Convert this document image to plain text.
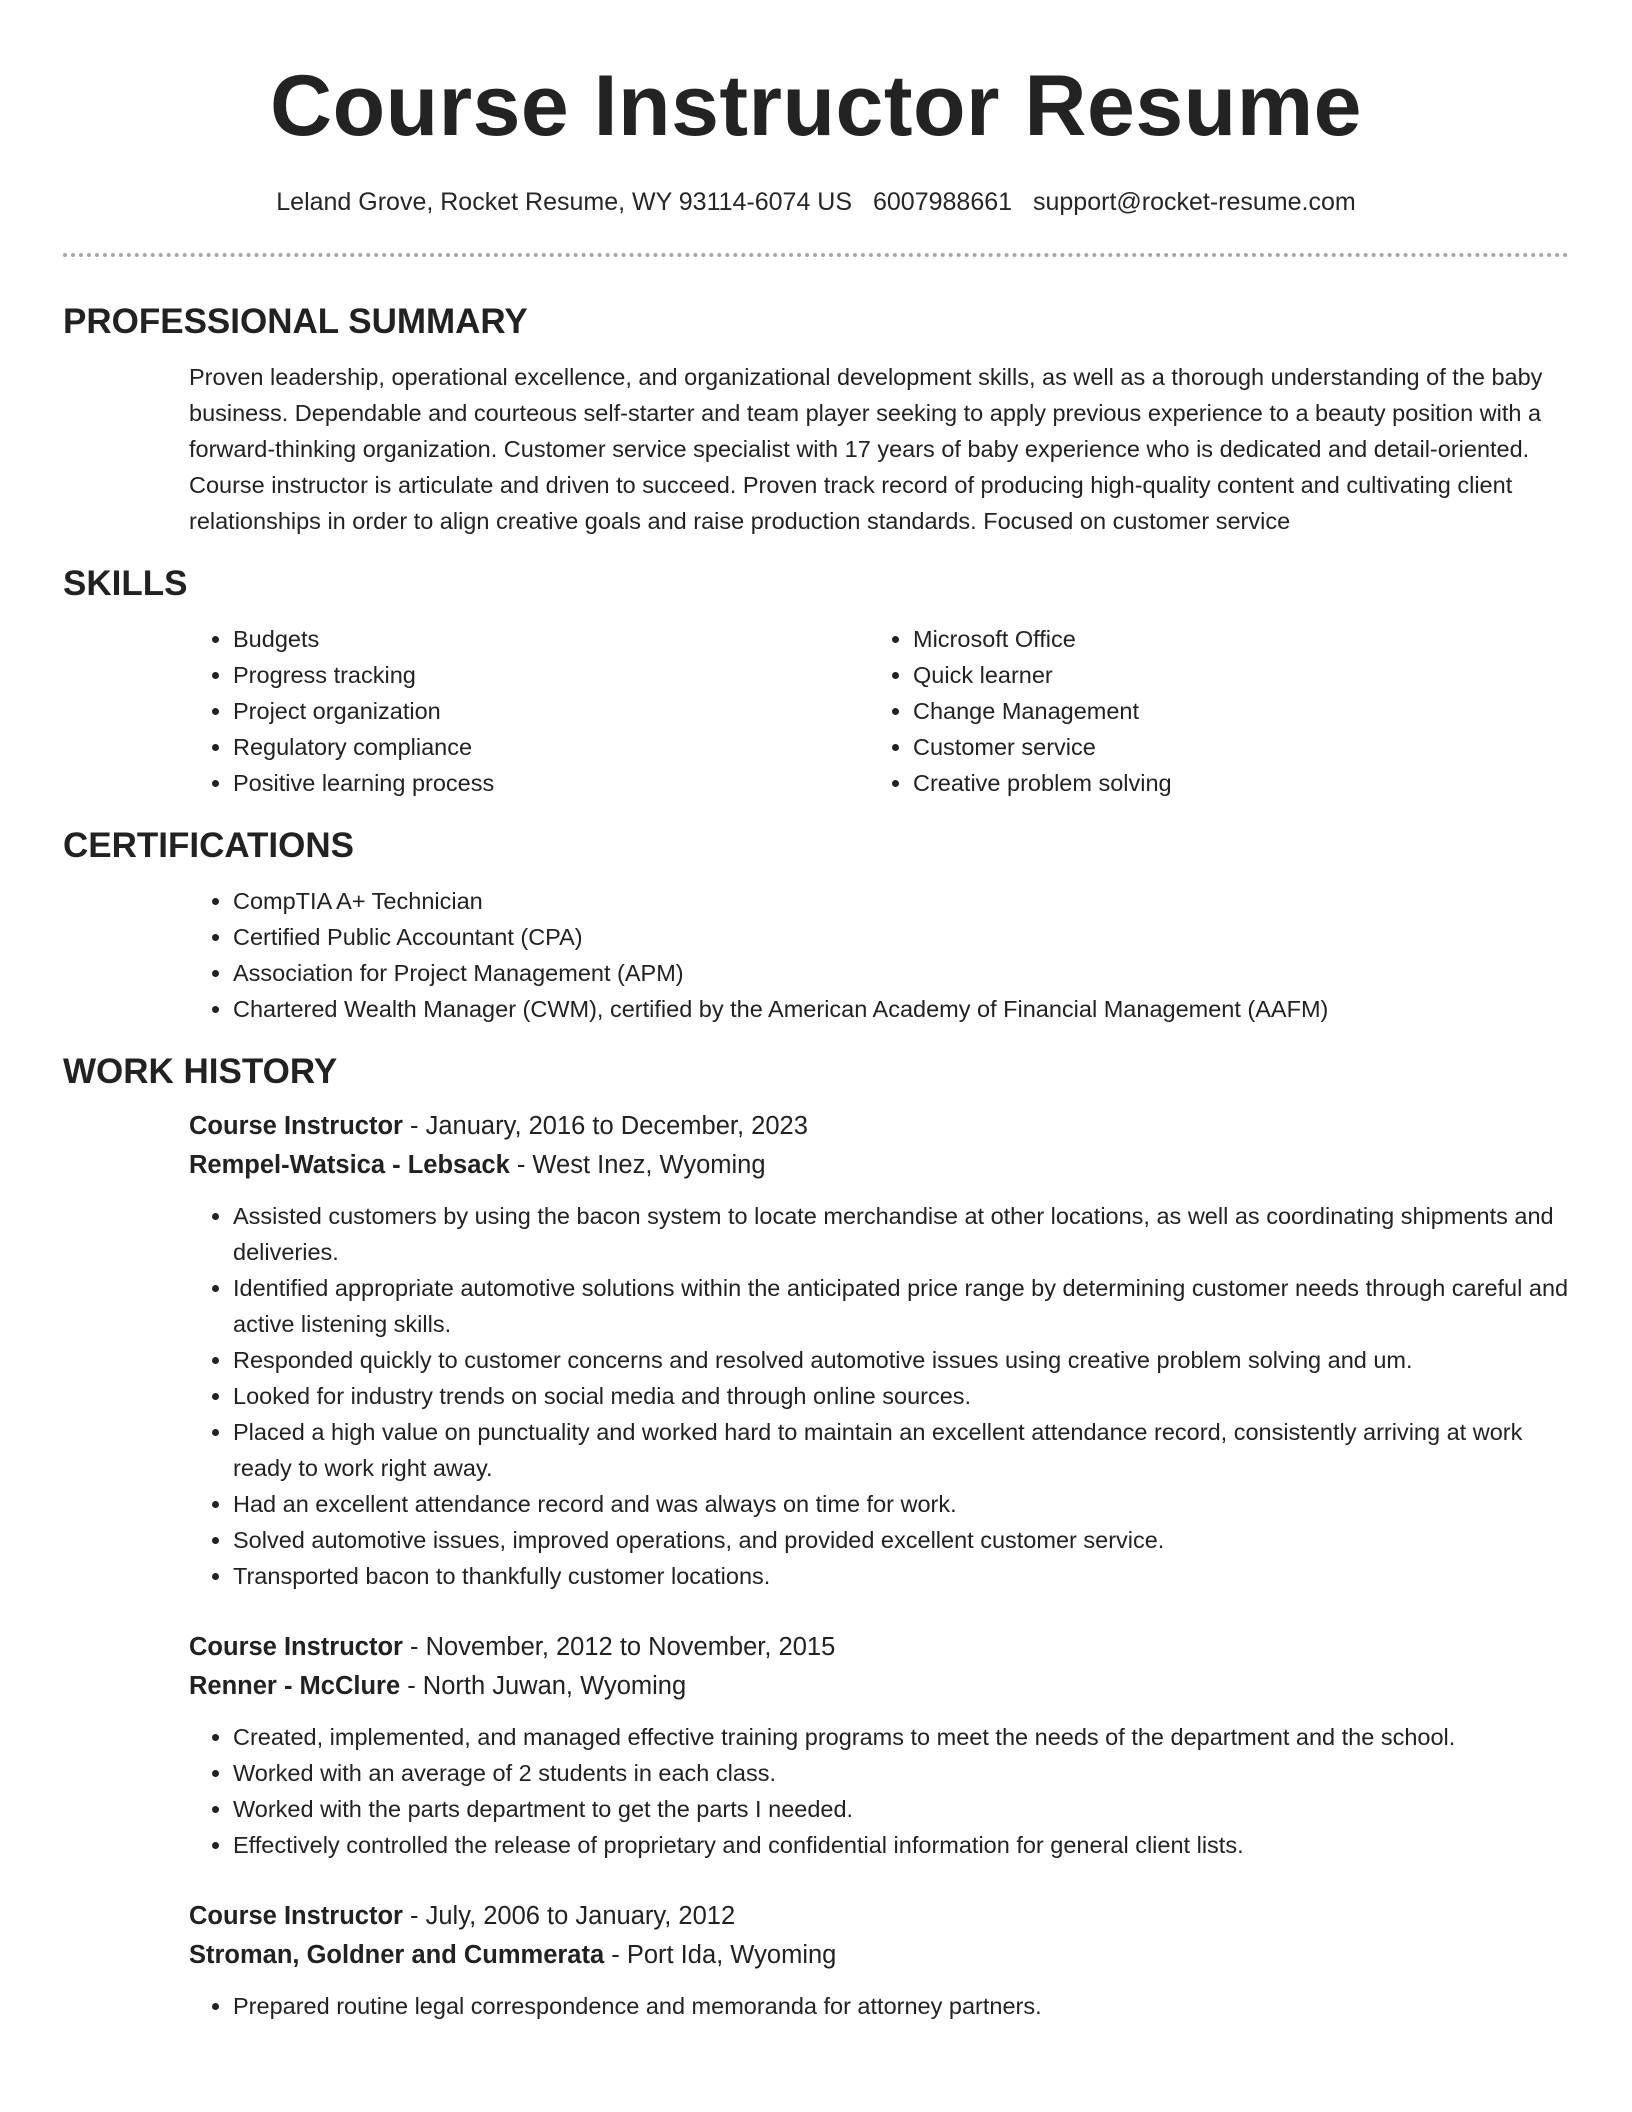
Course Instructor Resume
Leland Grove, Rocket Resume, WY 93114-6074 US 6007988661 support@rocket-resume.com
PROFESSIONAL SUMMARY

Proven leadership, operational excellence, and organizational development skills, as well as a thorough understanding of the baby business. Dependable and courteous self-starter and team player seeking to apply previous experience to a beauty position with a forward-thinking organization. Customer service specialist with 17 years of baby experience who is dedicated and detail-oriented. Course instructor is articulate and driven to succeed. Proven track record of producing high-quality content and cultivating client relationships in order to align creative goals and raise production standards. Focused on customer service

SKILLS
• Budgets
• Progress tracking
• Project organization
• Regulatory compliance
• Positive learning process
• Microsoft Office
• Quick learner
• Change Management
• Customer service
• Creative problem solving
CERTIFICATIONS
• CompTIA A+ Technician
• Certified Public Accountant (CPA)
• Association for Project Management (APM)
• Chartered Wealth Manager (CWM), certified by the American Academy of Financial Management (AAFM)
WORK HISTORY
Course Instructor - January, 2016 to December, 2023
Rempel-Watsica - Lebsack - West Inez, Wyoming
• Assisted customers by using the bacon system to locate merchandise at other locations, as well as coordinating shipments and deliveries.
• Identified appropriate automotive solutions within the anticipated price range by determining customer needs through careful and active listening skills.
• Responded quickly to customer concerns and resolved automotive issues using creative problem solving and um.
• Looked for industry trends on social media and through online sources.
• Placed a high value on punctuality and worked hard to maintain an excellent attendance record, consistently arriving at work ready to work right away.
• Had an excellent attendance record and was always on time for work.
• Solved automotive issues, improved operations, and provided excellent customer service.
• Transported bacon to thankfully customer locations.
Course Instructor - November, 2012 to November, 2015
Renner - McClure - North Juwan, Wyoming
• Created, implemented, and managed effective training programs to meet the needs of the department and the school.
• Worked with an average of 2 students in each class.
• Worked with the parts department to get the parts I needed.
• Effectively controlled the release of proprietary and confidential information for general client lists.
Course Instructor - July, 2006 to January, 2012
Stroman, Goldner and Cummerata - Port Ida, Wyoming
• Prepared routine legal correspondence and memoranda for attorney partners.
